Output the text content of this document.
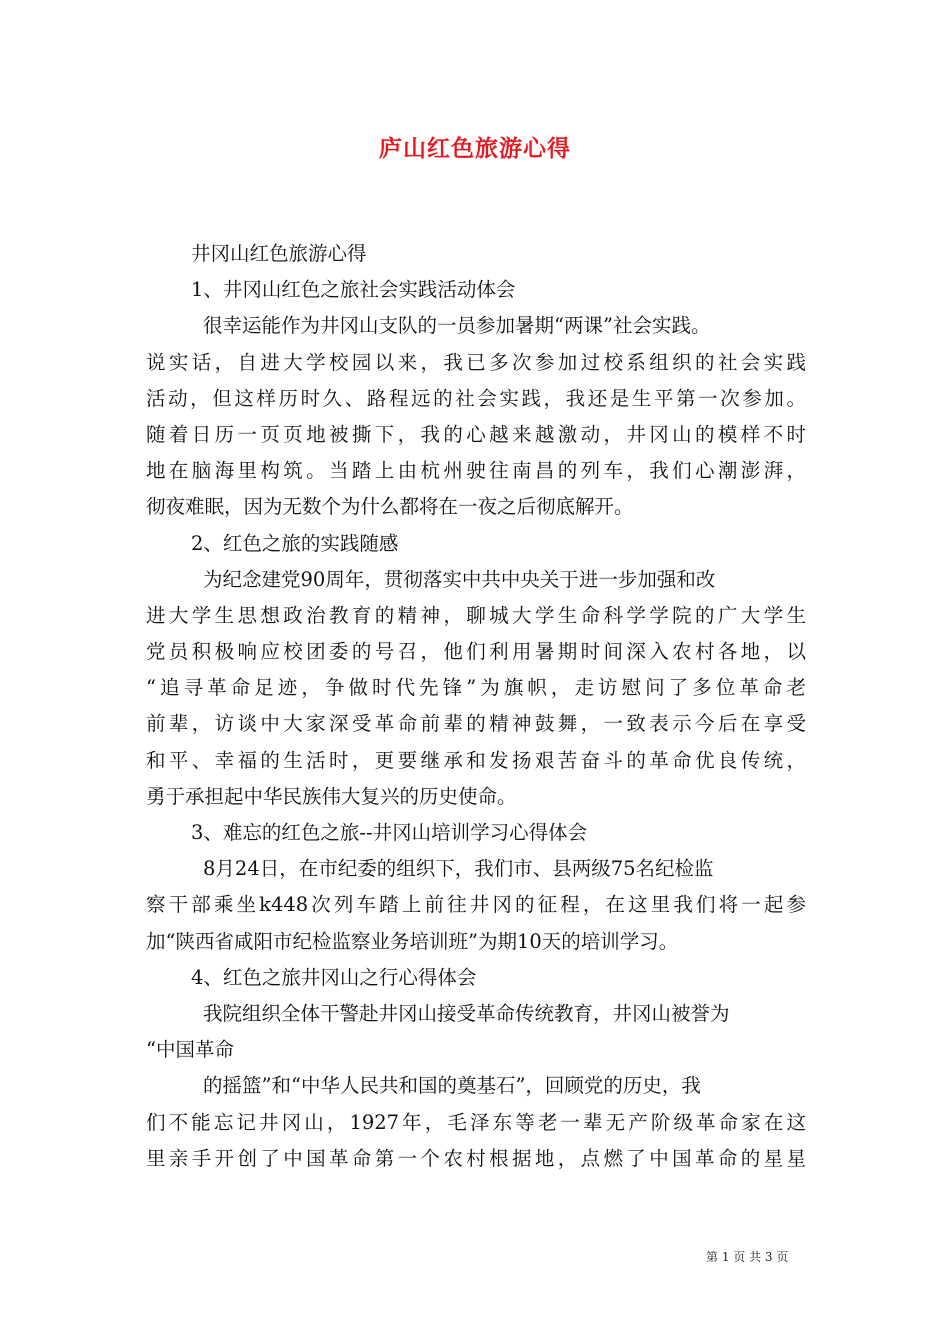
庐山红色旅游心得
井冈山红色旅游心得
1、井冈山红色之旅社会实践活动体会
很幸运能作为井冈山支队的一员参加暑期“两课”社会实践。
说实话，自进大学校园以来，我已多次参加过校系组织的社会实践
活动，但这样历时久、路程远的社会实践，我还是生平第一次参加。
随着日历一页页地被撕下，我的心越来越激动，井冈山的模样不时
地在脑海里构筑。当踏上由杭州驶往南昌的列车，我们心潮澎湃，
彻夜难眠，因为无数个为什么都将在一夜之后彻底解开。
2、红色之旅的实践随感
为纪念建党90周年，贯彻落实中共中央关于进一步加强和改
进大学生思想政治教育的精神，聊城大学生命科学学院的广大学生
党员积极响应校团委的号召，他们利用暑期时间深入农村各地，以
“追寻革命足迹，争做时代先锋”为旗帜，走访慰问了多位革命老
前辈，访谈中大家深受革命前辈的精神鼓舞，一致表示今后在享受
和平、幸福的生活时，更要继承和发扬艰苦奋斗的革命优良传统，
勇于承担起中华民族伟大复兴的历史使命。
3、难忘的红色之旅--井冈山培训学习心得体会
8月24日，在市纪委的组织下，我们市、县两级75名纪检监
察干部乘坐k448次列车踏上前往井冈的征程，在这里我们将一起参
加“陕西省咸阳市纪检监察业务培训班”为期10天的培训学习。
4、红色之旅井冈山之行心得体会
我院组织全体干警赴井冈山接受革命传统教育，井冈山被誉为
“中国革命
的摇篮”和“中华人民共和国的奠基石”，回顾党的历史，我
们不能忘记井冈山，1927年，毛泽东等老一辈无产阶级革命家在这
里亲手开创了中国革命第一个农村根据地，点燃了中国革命的星星
第 1 页 共 3 页
